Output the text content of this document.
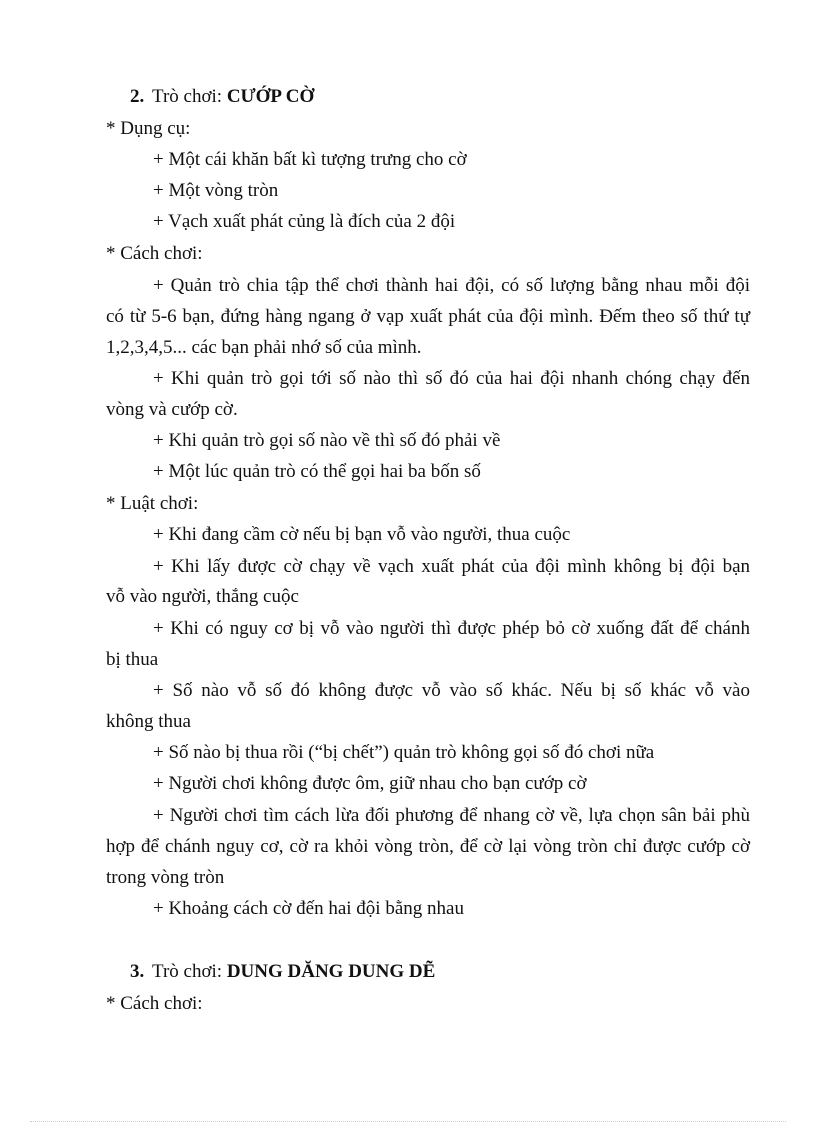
2. Trò chơi: CƯỚP CỜ
* Dụng cụ:
+ Một cái khăn bất kì tượng trưng cho cờ
+ Một vòng tròn
+ Vạch xuất phát củng là đích của 2 đội
* Cách chơi:
+ Quản trò chia tập thể chơi thành hai đội, có số lượng bằng nhau mỗi đội
có từ 5-6 bạn, đứng hàng ngang ở vạp xuất phát của đội mình. Đếm theo số thứ tự
1,2,3,4,5... các bạn phải nhớ số của mình.
+ Khi quản trò gọi tới số nào thì số đó của hai đội nhanh chóng chạy đến
vòng và cướp cờ.
+ Khi quản trò gọi số nào về thì số đó phải về
+ Một lúc quản trò có thể gọi hai ba bốn số
* Luật chơi:
+ Khi đang cầm cờ nếu bị bạn vỗ vào người, thua cuộc
+ Khi lấy được cờ chạy về vạch xuất phát của đội mình không bị đội bạn
vỗ vào người, thắng cuộc
+ Khi có nguy cơ bị vỗ vào người thì được phép bỏ cờ xuống đất để chánh
bị thua
+ Số nào vỗ số đó không được vỗ vào số khác. Nếu bị số khác vỗ vào
không thua
+ Số nào bị thua rồi (“bị chết”) quản trò không gọi số đó chơi nữa
+ Người chơi không được ôm, giữ nhau cho bạn cướp cờ
+ Người chơi tìm cách lừa đối phương để nhang cờ về, lựa chọn sân bải phù
hợp để chánh nguy cơ, cờ ra khỏi vòng tròn, để cờ lại vòng tròn chỉ được cướp cờ
trong vòng tròn
+ Khoảng cách cờ đến hai đội bằng nhau
3. Trò chơi: DUNG DĂNG DUNG DẼ
* Cách chơi:
